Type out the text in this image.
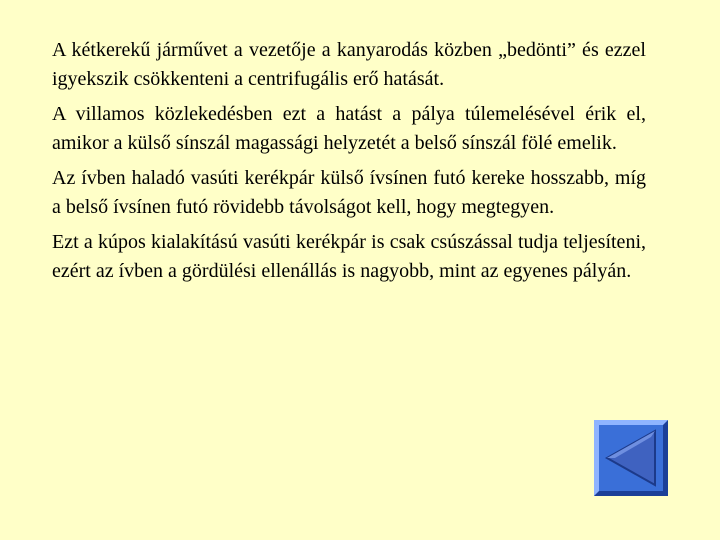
A kétkerekű járművet a vezetője a kanyarodás közben „bedönti” és ezzel igyekszik csökkenteni a centrifugális erő hatását.

A villamos közlekedésben ezt a hatást a pálya túlemelésével érik el, amikor a külső sínszál magassági helyzetét a belső sínszál fölé emelik.

Az ívben haladó vasúti kerékpár külső ívsínen futó kereke hosszabb, míg a belső ívsínen futó rövidebb távolságot kell, hogy megtegyen.

Ezt a kúpos kialakítású vasúti kerékpár is csak csúszással tudja teljesíteni, ezért az ívben a gördülési ellenállás is nagyobb, mint az egyenes pályán.
